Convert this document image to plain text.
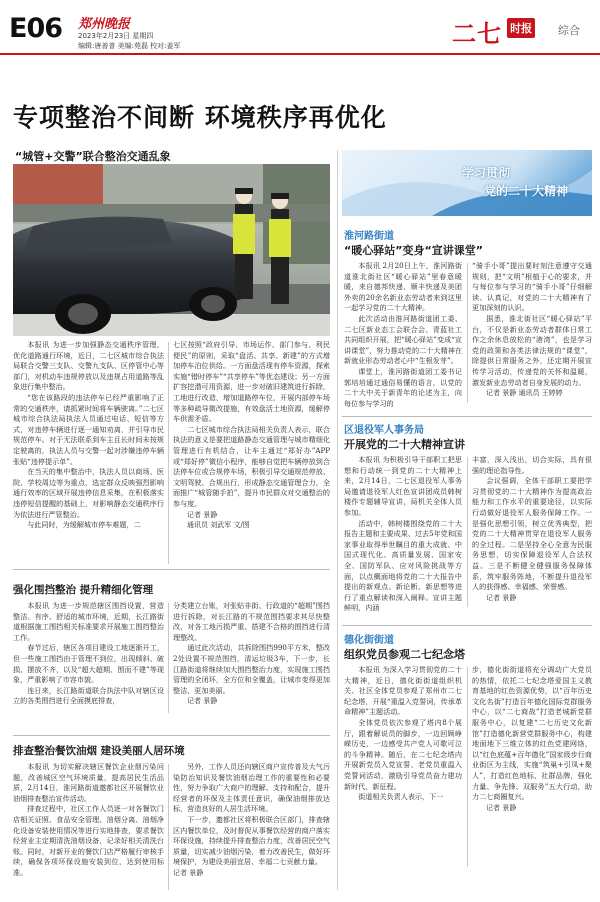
E06 郑州晚报
2023年2月23日 星期四
编辑:唐善普 美编:苑磊 校对:姜军	二七 时报 综合
专项整治不间断 环境秩序再优化
“城管+交警”联合整治交通乱象

本报讯 为进一步加强静态交通秩序管理，优化道路通行环境，近日，二七区城市综合执法局联合交警三支队、交警九支队、区停管中心等部门，对机动车违规停放以及违规占用道路等乱象进行集中整治。

“您在该路段的违法停车已经严重影响了正常的交通秩序，请抓紧时间将车辆驶离。”二七区城市综合执法局执法人员通过电话、短信等方式，对违停车辆进行逐一通知劝离，并引导市民规范停车。对于无法联系到车主且长时间未按规定驶离的，执法人员与交警一起对涉嫌违停车辆张贴“违停提示单”。

在当天的集中整治中，执法人员以商场、医院、学校周边等为重点，选定群众反映强烈影响通行效率的区域开展违停信息采集，在积极落实违停短信提醒的基础上，对影响静态交通秩序行为依法进行严管整治。

与此同时，为缓解城市停车难题，二

七区按照“政府引导、市场运作、部门参与、利民便民”的原则，采取“盘活、共享、新建”的方式增加停车泊位供给。一方面盘活现有停车资源，探索实施“错时停车”“共享停车”等优态建设；另一方面扩容挖潜可用资源，进一步对破旧建筑进行拆除，工地进行改造，增加道路停车位，开展内部停车场等多种疏导微改提施，有效盘活土地资源，缓解停车供需矛盾。

二七区城市综合执法局相关负责人表示，联合执法的意义是要把道路静态交通管理与城市精细化管理进行有机结合，让车主通过“郑好办”APP或“郑好停”微信小程序，能够自觉把车辆停放到合法停车位或合规停车场，积极引导交通规范停放、文明驾驶、合规出行，形成静态交通管理合力，全面推广“城管随手拍”，提升市民群众对交通整治的参与度。

记者 景静
通讯员 刘武军 文/图
强化围挡整治 提升精细化管理

本报讯 为进一步规范辖区围挡设置，营造整洁、有序、舒适的城市环境，近期，长江路街道根据施工围挡相关标准要求开展施工围挡整治工作。

春节过后，辖区各项目建设工地逐渐开工，但一些施工围挡由于管理不到位，出现倾斜、破损、摆放不齐，以及“超大超期、围而不建”等现象，严重影响了市容市貌。

连日来，长江路街道联合执法中队对辖区设立的各类围挡进行全面摸底排查，

分类建立台账，对张贴非街、行政道的“超期”围挡进行拆除，对长江路的不规范围挡要求其尽快整改，对各工地污损严重、搭建不合格的围挡进行清理整改。

通过此次活动，共拆除围挡990平方米，整改2处设置不规范围挡，清运垃圾3车，下一步，长江路街道将继续加大围挡整治力度，实现施工围挡管理的全闭环，全方位和全覆盖，让城市变得更加整洁、更加美丽。

记者 景静
排查整治餐饮油烟 建设美丽人居环境

本报讯 为切实解决辖区餐饮企业烟污染问题，改善城区空气环境质量，提高居民生活品质，2月14日，淮河路街道邀都社区开展餐饮业油烟排查整治宣传活动。

排查过程中，社区工作人员逐一对各餐饮门店相关证照、食品安全管理、油烟分离、油烟净化设备安装使用情况等进行实地排查，要求餐饮经营业主定期清洗油烟设备，记录好相关清洗台账。同时，对新开业的餐饮门店严格履行审核手续，确保各项环保设施安装到位，达到使用标准。

另外，工作人员还向辖区商户宣传普及大气污染防治知识及餐饮油烟治理工作的重要性和必要性，努力争取广大商户的理解、支持和配合，提升经营者的环保及主体责任意识，确保油烟排放达标，营造良好的人居生活环境。

下一步，邀都社区将积极联合区部门，排查辖区内餐饮单位，及时督促从事餐饮经营的商户落实环保设施，持续提升排查整治力度，改善居民空气质量，切实减少油烟污染，着力改善民生，做好环境保护，为建设美丽宜居、幸福二七贡献力量。

记者 景静
学习贯彻
党的二十大精神
淮河路街道
“暖心驿站”变身“宣讲课堂”

本报讯 2月20日上午，淮河路街道淮北街社区“暖心驿站”里春意暖暖，来自德邦快递、顺丰快递及美团外卖的20余名新业态劳动者来到这里一起学习党的二十大精神。

此次活动由淮河路街道团工委、二七区新业态工会联合会、青蓝社工共同组织开展，把“暖心驿站”变成“宣讲课堂”，努力推动党的二十大精神在新就业形态劳动者心中“生根发芽”。

课堂上，淮河路街道团工委书记郭培培通过通俗易懂的语言，以党的二十大中关于新青年的论述为主，向每位参与学习的

“骑手小哥”提出要时刻注意遵守交通规则，把“文明”根植于心的要求，并与每位参与学习的“骑手小哥”仔细解读、认真记，对党的二十大精神有了更加深刻的认识。

据悉，淮北街社区“暖心驿站”平台，不仅是新业态劳动者群体日常工作之余休息放松的“港湾”，也是学习党的政策和各类法律法规的“课堂”，除提供日常服务之外，还定期开展宣传学习活动，传递党的关怀和温暖，激发新业态劳动者自身发展的动力。

记者 景静 通讯员 王婷婷
区退役军人事务局
开展党的二十大精神宣讲

本报讯 为积极引导干部职工把思想和行动统一到党的二十大精神上来，2月14日，二七区退役军人事务局邀请退役军人红色宣讲团成员韩树楼作专题辅导宣讲，局机关全体人员参加。

活动中，韩树楼围绕党的二十大报告主题和主要成果、过去5年党和国家事业取得举世瞩目的重大成就、中国式现代化、高质量发展、国家安全、国防军队、应对风险挑战等方面，以点概面地将党的二十大报告中提出的新观点、新论断、新思想等进行了重点解读和深入阐释。宣讲主题鲜明，内涵

丰富，深入浅出，切合实际，具有很强的理论指导性。

会议强调，全体干部职工要把学习贯彻党的二十大精神作为提高政治能力和工作水平的重要途径，以实际行动做好退役军人服务保障工作。一是强化思想引领，树立优秀典型，把党的二十大精神贯穿在退役军人服务的全过程。二是坚持全心全意为民服务思想，切实保障退役军人合法权益。三是不断健全健强服务保障体系，筑牢服务阵地，不断提升退役军人的获得感、幸福感、荣誉感。

记者 景静
德化街街道
组织党员参观二七纪念塔

本报讯 为深入学习贯彻党的二十大精神，近日，德化街街道组织机关、社区全体党员参观了郑州市二七纪念塔，开展“重温入党誓词，传承革命精神”主题活动。

全体党员依次参观了塔内8个展厅，跟着解说员的脚步，一边回顾峥嵘历史，一边感受共产党人可歌可泣的斗争精神。随后，在二七纪念塔内开展新党员入党宣誓、老党员重温入党誓词活动，激励引导党员奋力建功新时代、新征程。

街道相关负责人表示，下一

步，德化街街道将充分调动广大党员的热情，依托二七纪念塔爱国主义教育基地的红色资源优势，以“百年历史文化名街”打造百年德化国际党群服务中心，以“二七商战”打造老城新党群服务中心，以复建“二七历史文化新馆”打造德化新营党群服务中心，构建地面地下三维立体的红色党建网络，以“红色底蕴+百年德化”国家级步行商业街区为主线，实施“筑巢+引凤+聚人”，打造红色地标、社群品牌，强化力量、争先锋、双服务”五大行动，助力二七商圈复兴。

记者 景静
